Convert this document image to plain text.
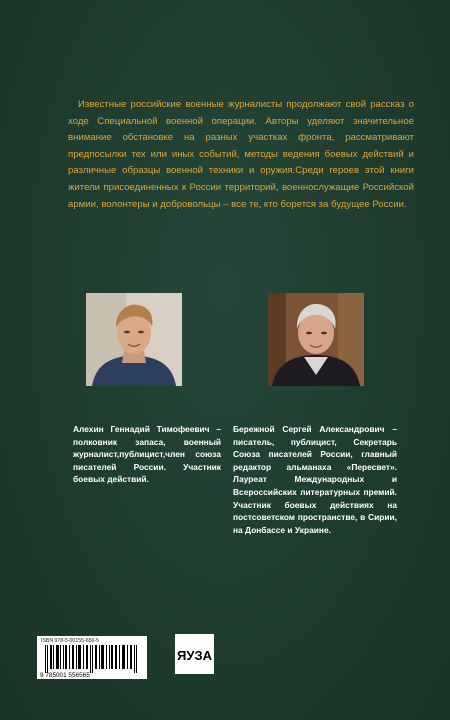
Известные российские военные журналисты продолжают свой рассказ о ходе Специальной военной операции. Авторы уделяют значительное внимание обстановке на разных участках фронта, рассматривают предпосылки тех или иных событий, методы ведения боевых действий и различные образцы военной техники и оружия.Среди героев этой книги жители присоединенных к России территорий, военнослужащие Российской армии, волонтеры и добровольцы – все те, кто борется за будущее России.

Алехин Геннадий Тимофеевич – полковник запаса, военный журналист,публицист,член союза писателей России. Участник боевых действий.

Бережной Сергей Александрович – писатель, публицист, Секретарь Союза писателей России, главный редактор альманаха «Пересвет». Лауреат Международных и Всероссийских литературных премий. Участник боевых действиях на постсоветском пространстве, в Сирии, на Донбассе и Украине.

ISBN 978-5-00155-656-5
9 785001 556565
ЯУЗА
